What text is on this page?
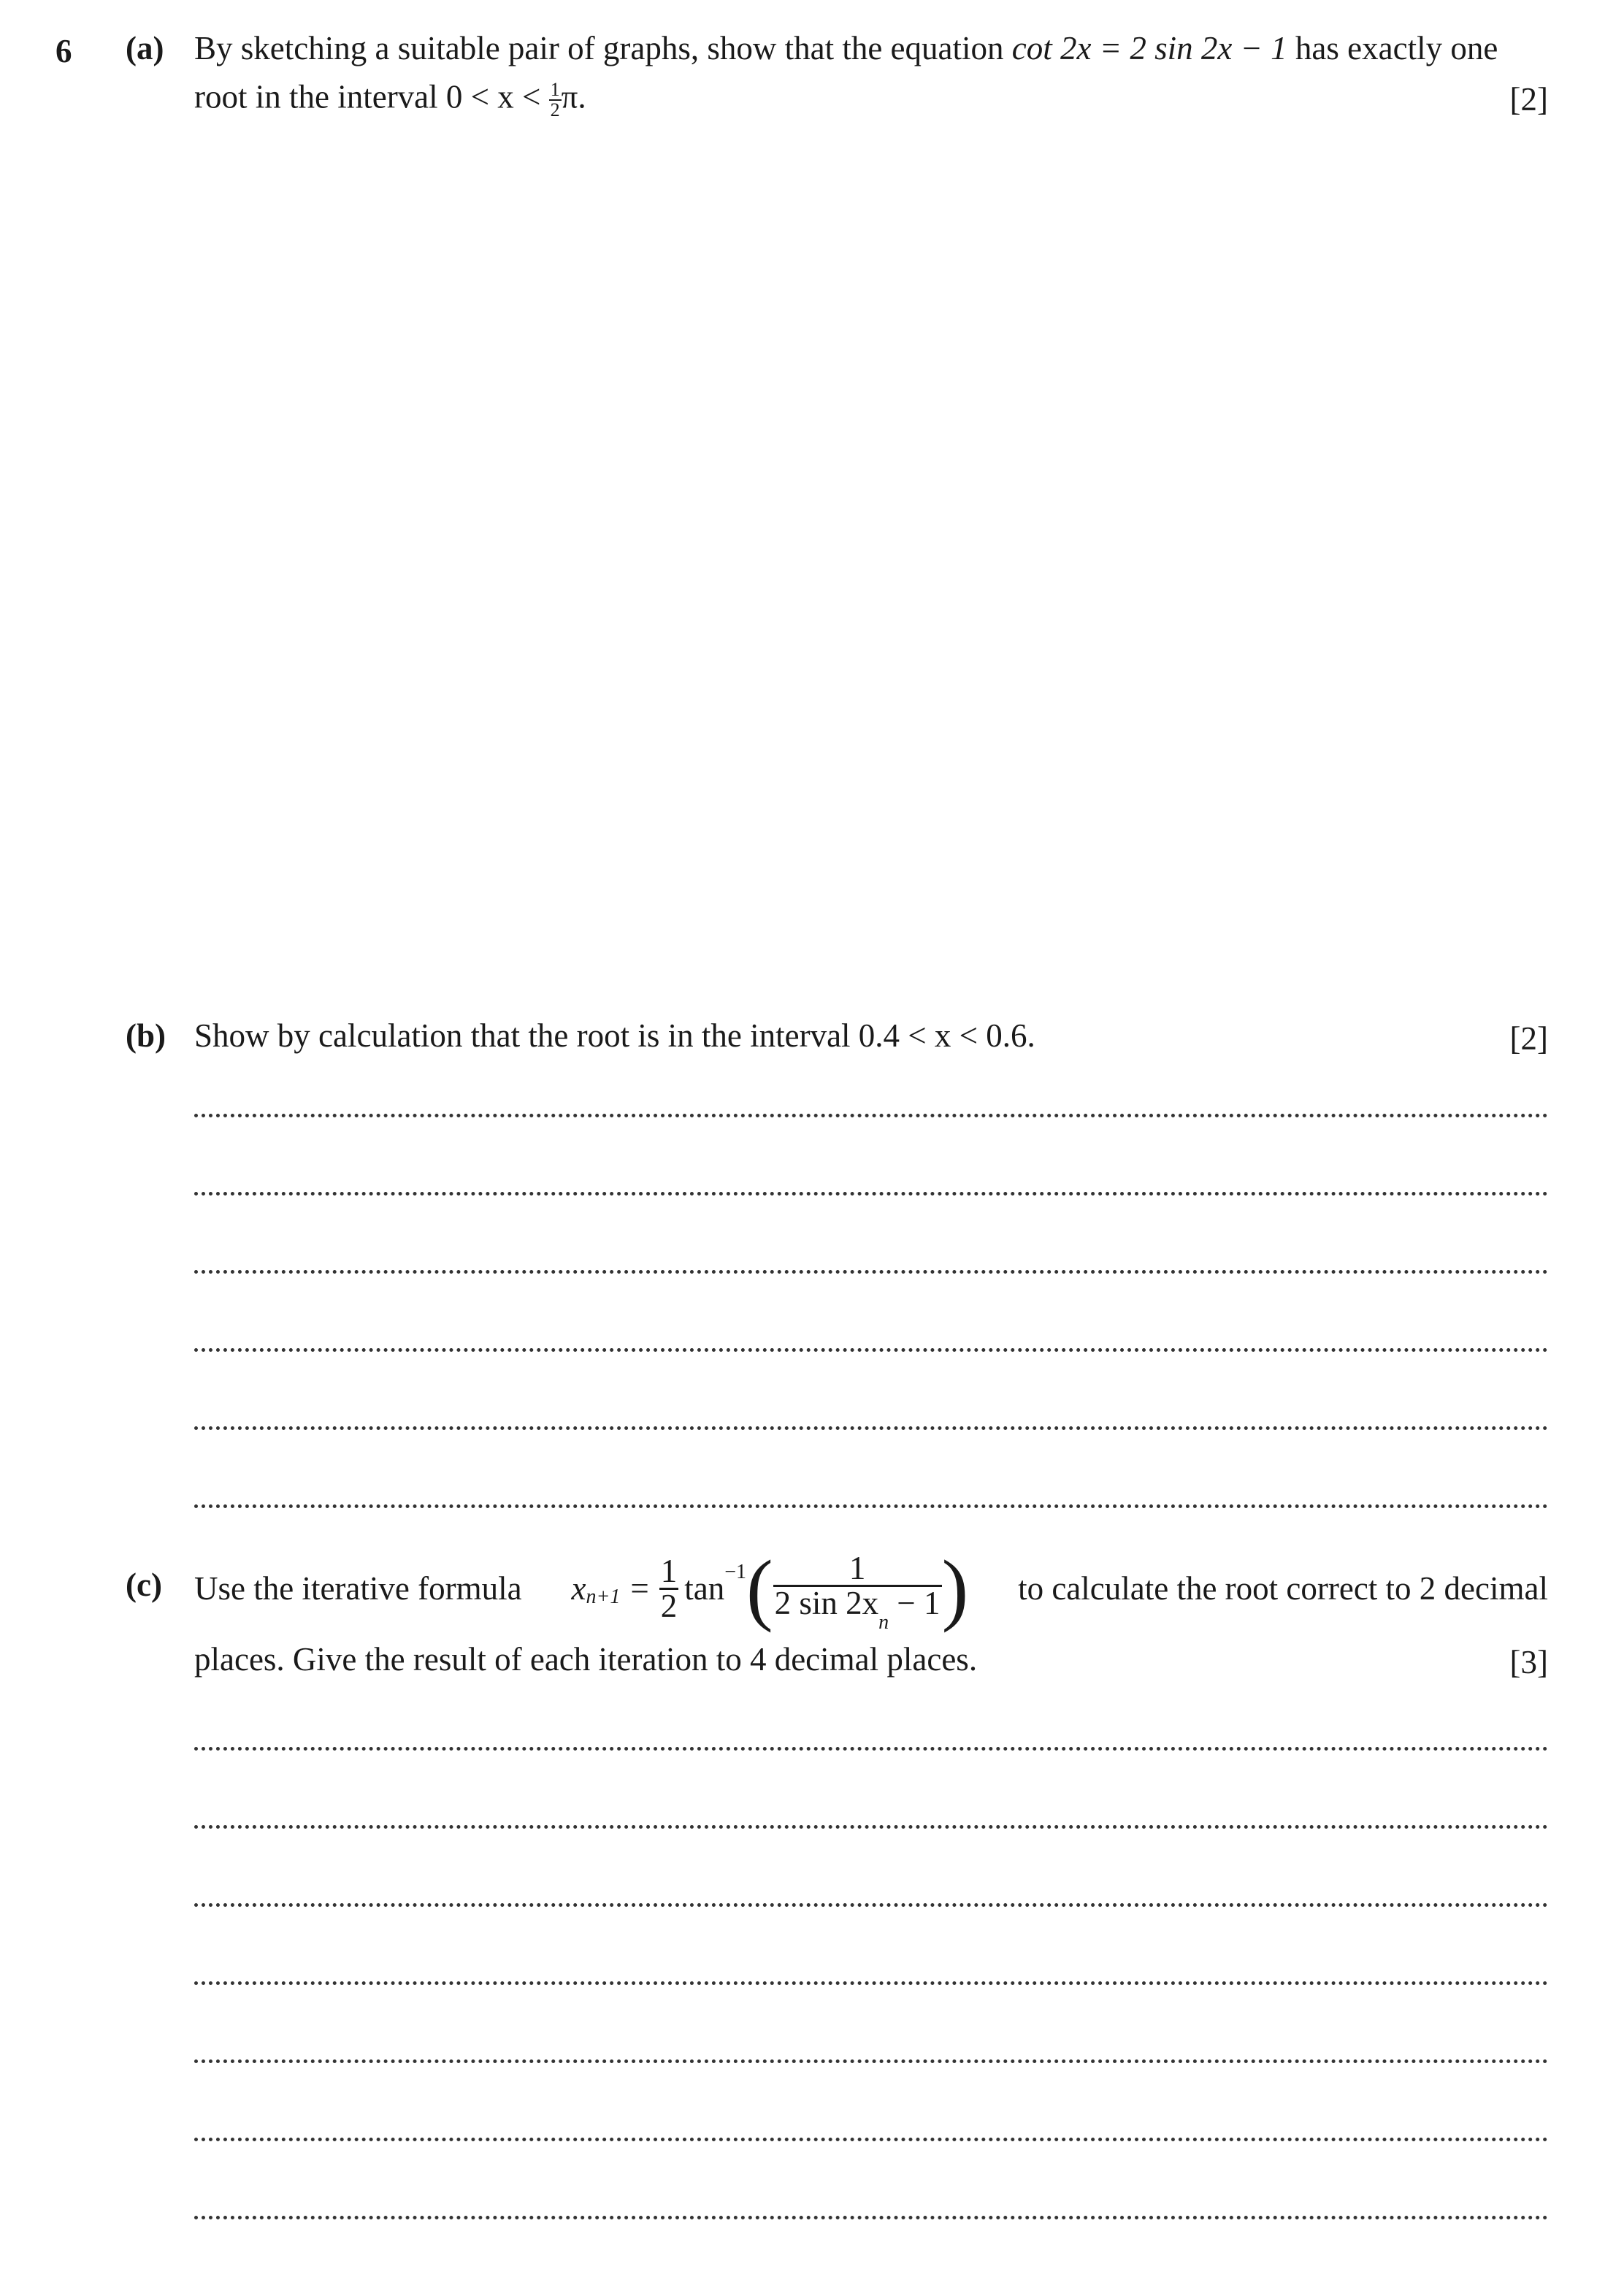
6 (a) By sketching a suitable pair of graphs, show that the equation cot 2x = 2 sin 2x − 1 has exactly one
root in the interval $0 < x < \frac{1}{2} \pi$.	[2]
(b) Show by calculation that the root is in the interval 0.4 < x < 0.6.	[2]
(c) Use the iterative formula x $_{n+1} = \frac{1}{2} \tan^{-1}$ ( $\frac{1}{2 \sin 2x_n - 1}$ ) to calculate the root correct to 2 decimal
places. Give the result of each iteration to 4 decimal places.	[3]
